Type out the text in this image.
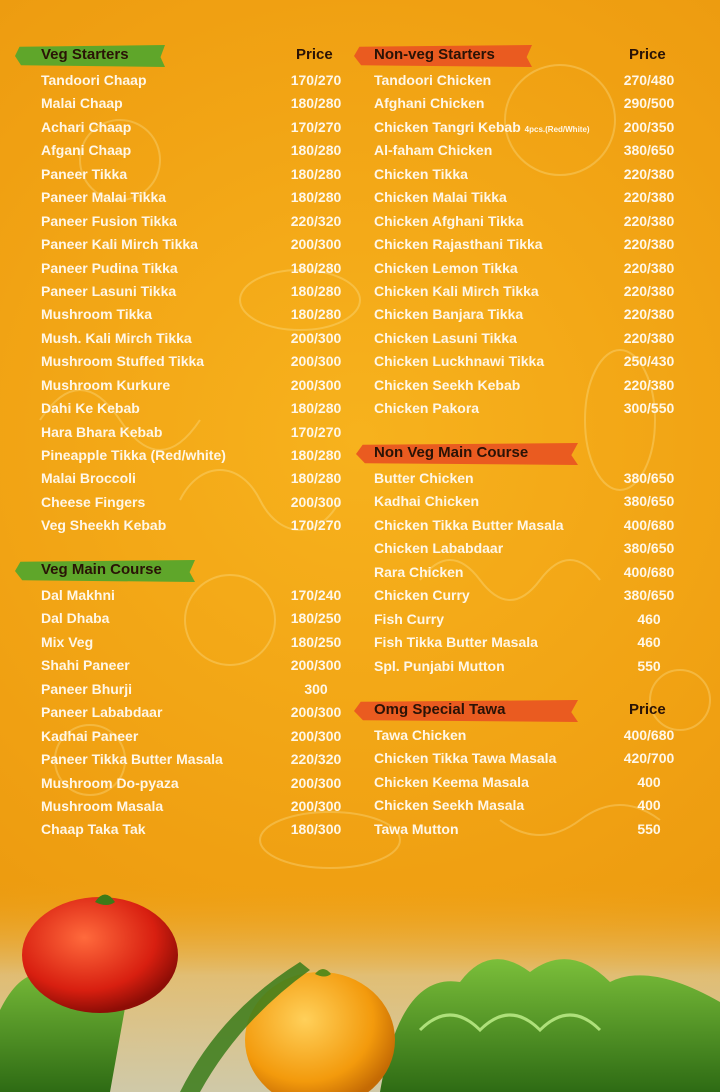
Veg Starters	Price
Tandoori Chaap	170/270
Malai Chaap	180/280
Achari Chaap	170/270
Afgani Chaap	180/280
Paneer Tikka	180/280
Paneer Malai Tikka	180/280
Paneer Fusion Tikka	220/320
Paneer Kali Mirch Tikka	200/300
Paneer Pudina Tikka	180/280
Paneer Lasuni Tikka	180/280
Mushroom Tikka	180/280
Mush. Kali Mirch Tikka	200/300
Mushroom Stuffed Tikka	200/300
Mushroom Kurkure	200/300
Dahi Ke Kebab	180/280
Hara Bhara Kebab	170/270
Pineapple Tikka (Red/white)	180/280
Malai Broccoli	180/280
Cheese Fingers	200/300
Veg Sheekh Kebab	170/270
Veg Main Course
Dal Makhni	170/240
Dal Dhaba	180/250
Mix Veg	180/250
Shahi Paneer	200/300
Paneer Bhurji	300
Paneer Lababdaar	200/300
Kadhai Paneer	200/300
Paneer Tikka Butter Masala	220/320
Mushroom Do-pyaza	200/300
Mushroom Masala	200/300
Chaap Taka Tak	180/300
Non-veg Starters	Price
Tandoori Chicken	270/480
Afghani Chicken	290/500
Chicken Tangri Kebab 4pcs.(Red/White)	200/350
Al-faham Chicken	380/650
Chicken Tikka	220/380
Chicken Malai Tikka	220/380
Chicken Afghani Tikka	220/380
Chicken Rajasthani Tikka	220/380
Chicken Lemon Tikka	220/380
Chicken Kali Mirch Tikka	220/380
Chicken Banjara Tikka	220/380
Chicken Lasuni Tikka	220/380
Chicken Luckhnawi Tikka	250/430
Chicken Seekh Kebab	220/380
Chicken Pakora	300/550
Non Veg Main Course
Butter Chicken	380/650
Kadhai Chicken	380/650
Chicken Tikka Butter Masala	400/680
Chicken Lababdaar	380/650
Rara Chicken	400/680
Chicken Curry	380/650
Fish Curry	460
Fish Tikka Butter Masala	460
Spl. Punjabi Mutton	550
Omg Special Tawa	Price
Tawa Chicken	400/680
Chicken Tikka Tawa Masala	420/700
Chicken Keema Masala	400
Chicken Seekh Masala	400
Tawa Mutton	550
